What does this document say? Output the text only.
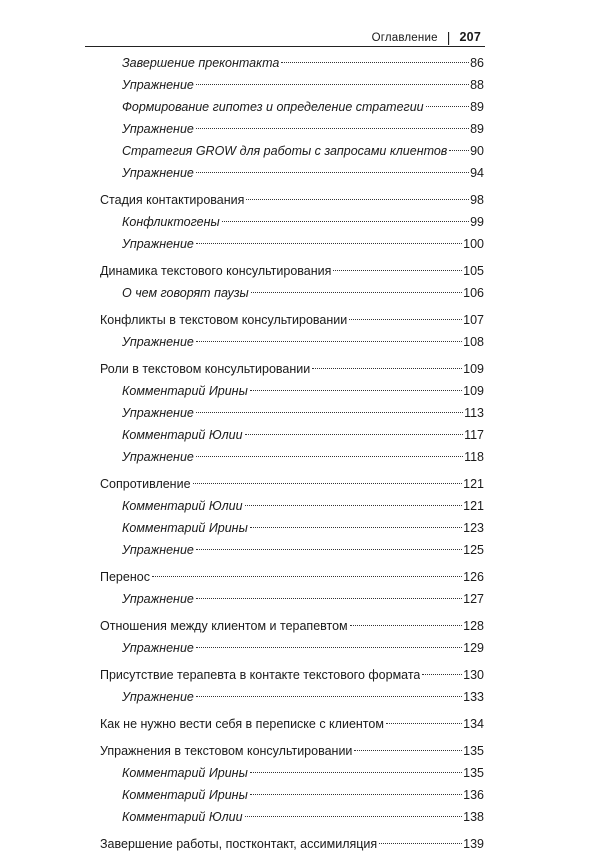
Оглавление | 207
Завершение преконтакта	86
Упражнение	88
Формирование гипотез и определение стратегии	89
Упражнение	89
Стратегия GROW для работы с запросами клиентов 90
Упражнение	94
Стадия контактирования	98
Конфликтогены	99
Упражнение	100
Динамика текстового консультирования	105
О чем говорят паузы	106
Конфликты в текстовом консультировании	107
Упражнение	108
Роли в текстовом консультировании	109
Комментарий Ирины	109
Упражнение	113
Комментарий Юлии	117
Упражнение	118
Сопротивление	121
Комментарий Юлии	121
Комментарий Ирины	123
Упражнение	125
Перенос	126
Упражнение	127
Отношения между клиентом и терапевтом	128
Упражнение	129
Присутствие терапевта в контакте текстового формата	130
Упражнение	133
Как не нужно вести себя в переписке с клиентом	134
Упражнения в текстовом консультировании	135
Комментарий Ирины	135
Комментарий Ирины	136
Комментарий Юлии	138
Завершение работы, постконтакт, ассимиляция	139
